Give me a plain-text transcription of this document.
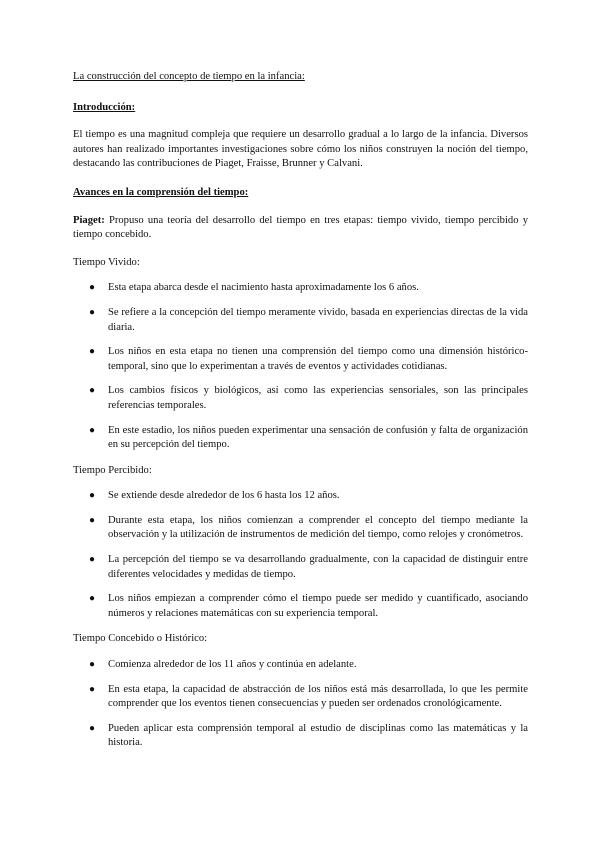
La construcción del concepto de tiempo en la infancia:

Introducción:

El tiempo es una magnitud compleja que requiere un desarrollo gradual a lo largo de la infancia. Diversos autores han realizado importantes investigaciones sobre cómo los niños construyen la noción del tiempo, destacando las contribuciones de Piaget, Fraisse, Brunner y Calvani.

Avances en la comprensión del tiempo:

Piaget: Propuso una teoría del desarrollo del tiempo en tres etapas: tiempo vivido, tiempo percibido y tiempo concebido.

Tiempo Vivido:

● Esta etapa abarca desde el nacimiento hasta aproximadamente los 6 años.
● Se refiere a la concepción del tiempo meramente vivido, basada en experiencias directas de la vida diaria.
● Los niños en esta etapa no tienen una comprensión del tiempo como una dimensión histórico-temporal, sino que lo experimentan a través de eventos y actividades cotidianas.
● Los cambios físicos y biológicos, así como las experiencias sensoriales, son las principales referencias temporales.
● En este estadio, los niños pueden experimentar una sensación de confusión y falta de organización en su percepción del tiempo.

Tiempo Percibido:

● Se extiende desde alrededor de los 6 hasta los 12 años.
● Durante esta etapa, los niños comienzan a comprender el concepto del tiempo mediante la observación y la utilización de instrumentos de medición del tiempo, como relojes y cronómetros.
● La percepción del tiempo se va desarrollando gradualmente, con la capacidad de distinguir entre diferentes velocidades y medidas de tiempo.
● Los niños empiezan a comprender cómo el tiempo puede ser medido y cuantificado, asociando números y relaciones matemáticas con su experiencia temporal.

Tiempo Concebido o Histórico:

● Comienza alrededor de los 11 años y continúa en adelante.
● En esta etapa, la capacidad de abstracción de los niños está más desarrollada, lo que les permite comprender que los eventos tienen consecuencias y pueden ser ordenados cronológicamente.
● Pueden aplicar esta comprensión temporal al estudio de disciplinas como las matemáticas y la historia.
